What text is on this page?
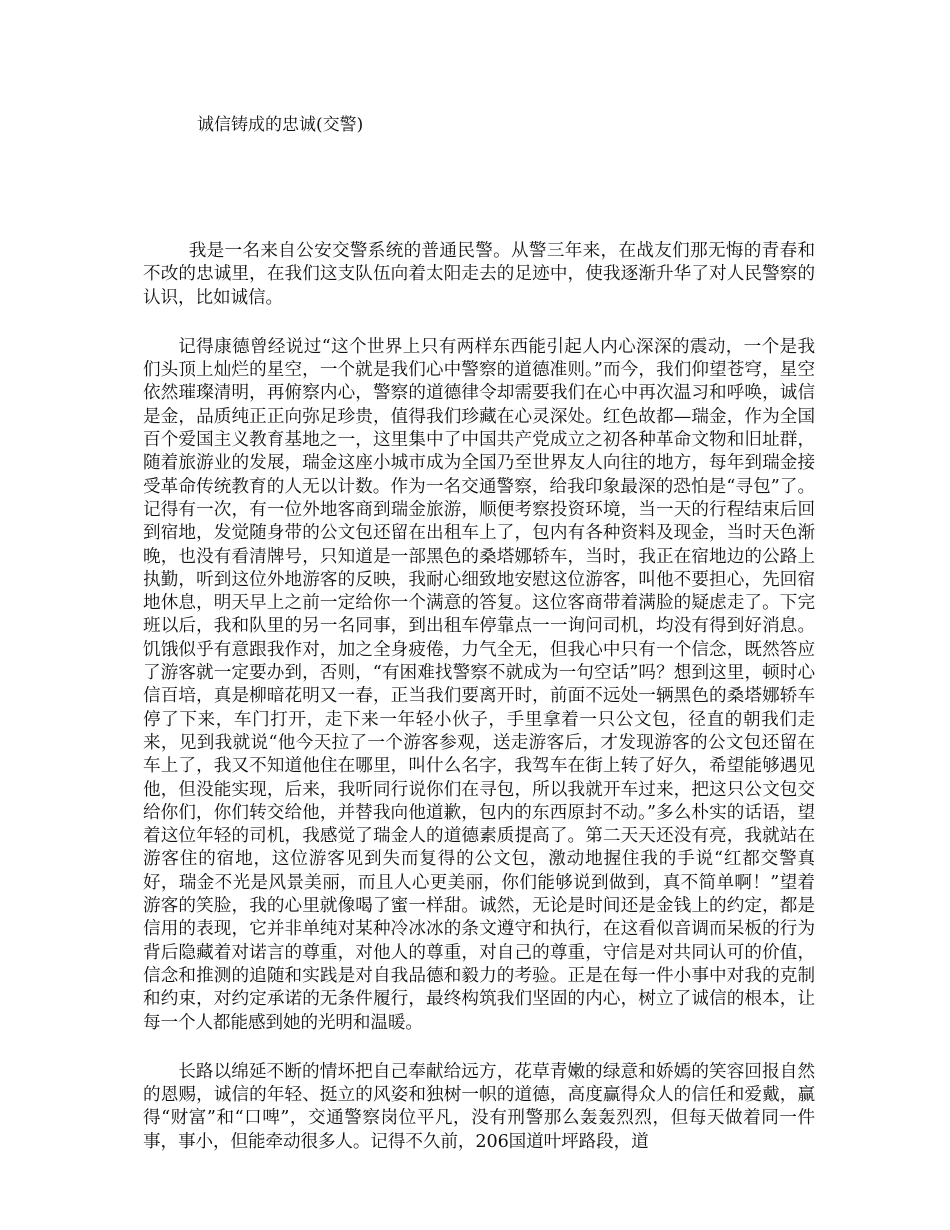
诚信铸成的忠诚(交警)

我是一名来自公安交警系统的普通民警。从警三年来，在战友们那无悔的青春和不改的忠诚里，在我们这支队伍向着太阳走去的足迹中，使我逐渐升华了对人民警察的认识，比如诚信。

记得康德曾经说过“这个世界上只有两样东西能引起人内心深深的震动，一个是我们头顶上灿烂的星空，一个就是我们心中警察的道德准则。”而今，我们仰望苍穹，星空依然璀璨清明，再俯察内心，警察的道德律令却需要我们在心中再次温习和呼唤，诚信是金，品质纯正正向弥足珍贵，值得我们珍藏在心灵深处。红色故都—瑞金，作为全国百个爱国主义教育基地之一，这里集中了中国共产党成立之初各种革命文物和旧址群，随着旅游业的发展，瑞金这座小城市成为全国乃至世界友人向往的地方，每年到瑞金接受革命传统教育的人无以计数。作为一名交通警察，给我印象最深的恐怕是“寻包”了。记得有一次，有一位外地客商到瑞金旅游，顺便考察投资环境，当一天的行程结束后回到宿地，发觉随身带的公文包还留在出租车上了，包内有各种资料及现金，当时天色渐晚，也没有看清牌号，只知道是一部黑色的桑塔娜轿车，当时，我正在宿地边的公路上执勤，听到这位外地游客的反映，我耐心细致地安慰这位游客，叫他不要担心，先回宿地休息，明天早上之前一定给你一个满意的答复。这位客商带着满脸的疑虑走了。下完班以后，我和队里的另一名同事，到出租车停靠点一一询问司机，均没有得到好消息。饥饿似乎有意跟我作对，加之全身疲倦，力气全无，但我心中只有一个信念，既然答应了游客就一定要办到，否则，“有困难找警察不就成为一句空话”吗？想到这里，顿时心信百培，真是柳暗花明又一春，正当我们要离开时，前面不远处一辆黑色的桑塔娜轿车停了下来，车门打开，走下来一年轻小伙子，手里拿着一只公文包，径直的朝我们走来，见到我就说“他今天拉了一个游客参观，送走游客后，才发现游客的公文包还留在车上了，我又不知道他住在哪里，叫什么名字，我驾车在街上转了好久，希望能够遇见他，但没能实现，后来，我听同行说你们在寻包，所以我就开车过来，把这只公文包交给你们，你们转交给他，并替我向他道歉，包内的东西原封不动。”多么朴实的话语，望着这位年轻的司机，我感觉了瑞金人的道德素质提高了。第二天天还没有亮，我就站在游客住的宿地，这位游客见到失而复得的公文包，激动地握住我的手说“红都交警真好，瑞金不光是风景美丽，而且人心更美丽，你们能够说到做到，真不简单啊！”望着游客的笑脸，我的心里就像喝了蜜一样甜。诚然，无论是时间还是金钱上的约定，都是信用的表现，它并非单纯对某种冷冰冰的条文遵守和执行，在这看似音调而呆板的行为背后隐藏着对诺言的尊重，对他人的尊重，对自己的尊重，守信是对共同认可的价值，信念和推测的追随和实践是对自我品德和毅力的考验。正是在每一件小事中对我的克制和约束，对约定承诺的无条件履行，最终构筑我们坚固的内心，树立了诚信的根本，让每一个人都能感到她的光明和温暖。

长路以绵延不断的情坏把自己奉献给远方，花草青嫩的绿意和娇嫣的笑容回报自然的恩赐，诚信的年轻、挺立的风姿和独树一帜的道德，高度赢得众人的信任和爱戴，赢得“财富”和“口啤”，交通警察岗位平凡，没有刑警那么轰轰烈烈，但每天做着同一件事，事小，但能牵动很多人。记得不久前，206国道叶坪路段，道
